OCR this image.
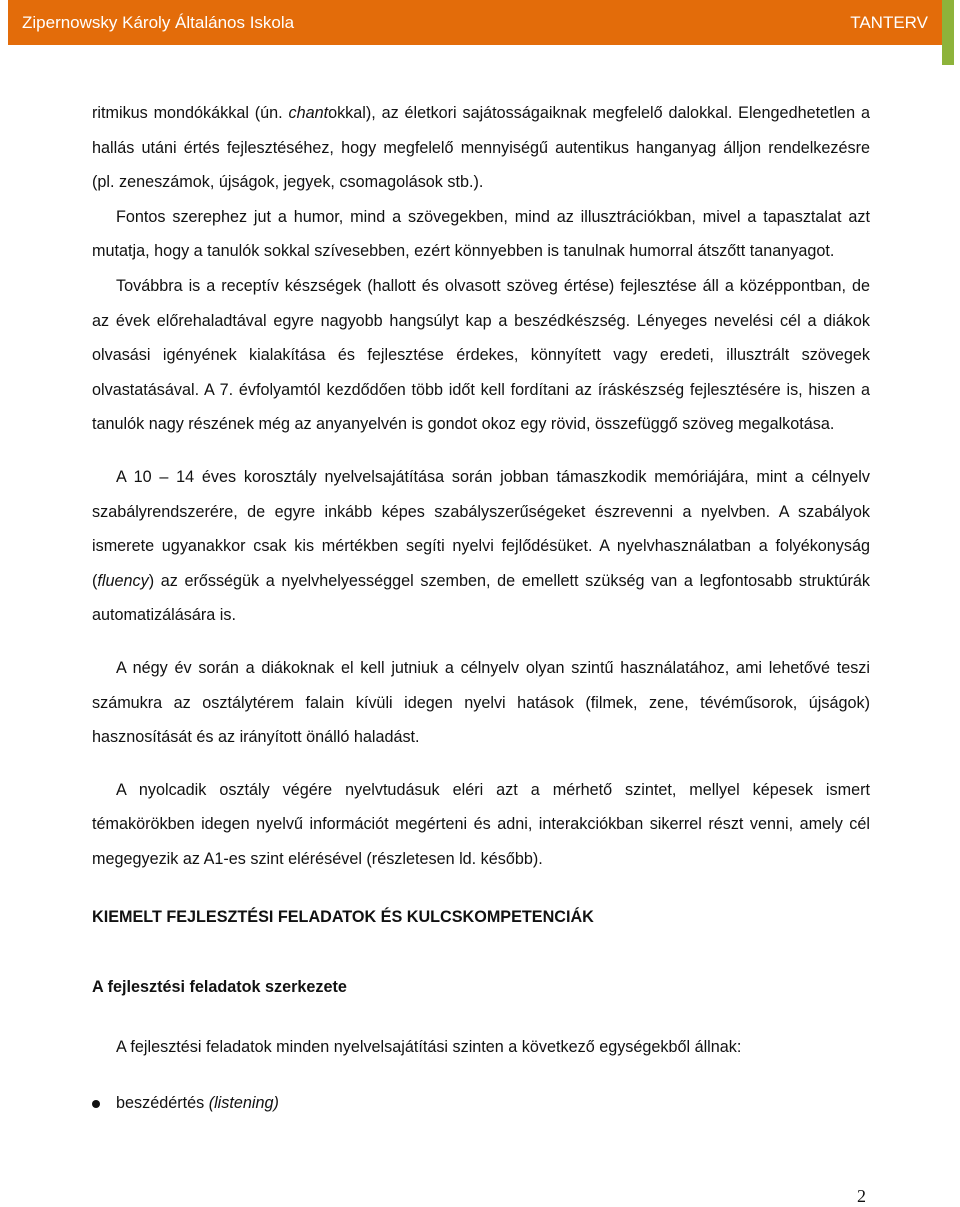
Zipernowsky Károly Általános Iskola	TANTERV

ritmikus mondókákkal (ún. chantokkal), az életkori sajátosságaiknak megfelelő dalokkal. Elengedhetetlen a hallás utáni értés fejlesztéséhez, hogy megfelelő mennyiségű autentikus hanganyag álljon rendelkezésre (pl. zeneszámok, újságok, jegyek, csomagolások stb.).

Fontos szerephez jut a humor, mind a szövegekben, mind az illusztrációkban, mivel a tapasztalat azt mutatja, hogy a tanulók sokkal szívesebben, ezért könnyebben is tanulnak humorral átszőtt tananyagot.

Továbbra is a receptív készségek (hallott és olvasott szöveg értése) fejlesztése áll a középpontban, de az évek előrehaladtával egyre nagyobb hangsúlyt kap a beszédkészség. Lényeges nevelési cél a diákok olvasási igényének kialakítása és fejlesztése érdekes, könnyített vagy eredeti, illusztrált szövegek olvastatásával. A 7. évfolyamtól kezdődően több időt kell fordítani az íráskészség fejlesztésére is, hiszen a tanulók nagy részének még az anyanyelvén is gondot okoz egy rövid, összefüggő szöveg megalkotása.

A 10 – 14 éves korosztály nyelvelsajátítása során jobban támaszkodik memóriájára, mint a célnyelv szabályrendszerére, de egyre inkább képes szabályszerűségeket észrevenni a nyelvben. A szabályok ismerete ugyanakkor csak kis mértékben segíti nyelvi fejlődésüket. A nyelvhasználatban a folyékonyság (fluency) az erősségük a nyelvhelyességgel szemben, de emellett szükség van a legfontosabb struktúrák automatizálására is.

A négy év során a diákoknak el kell jutniuk a célnyelv olyan szintű használatához, ami lehetővé teszi számukra az osztálytérem falain kívüli idegen nyelvi hatások (filmek, zene, tévéműsorok, újságok) hasznosítását és az irányított önálló haladást.

A nyolcadik osztály végére nyelvtudásuk eléri azt a mérhető szintet, mellyel képesek ismert témakörökben idegen nyelvű információt megérteni és adni, interakciókban sikerrel részt venni, amely cél megegyezik az A1-es szint elérésével (részletesen ld. később).

KIEMELT FEJLESZTÉSI FELADATOK ÉS KULCSKOMPETENCIÁK
A fejlesztési feladatok szerkezete
A fejlesztési feladatok minden nyelvelsajátítási szinten a következő egységekből állnak:
beszédértés
(listening)
2
